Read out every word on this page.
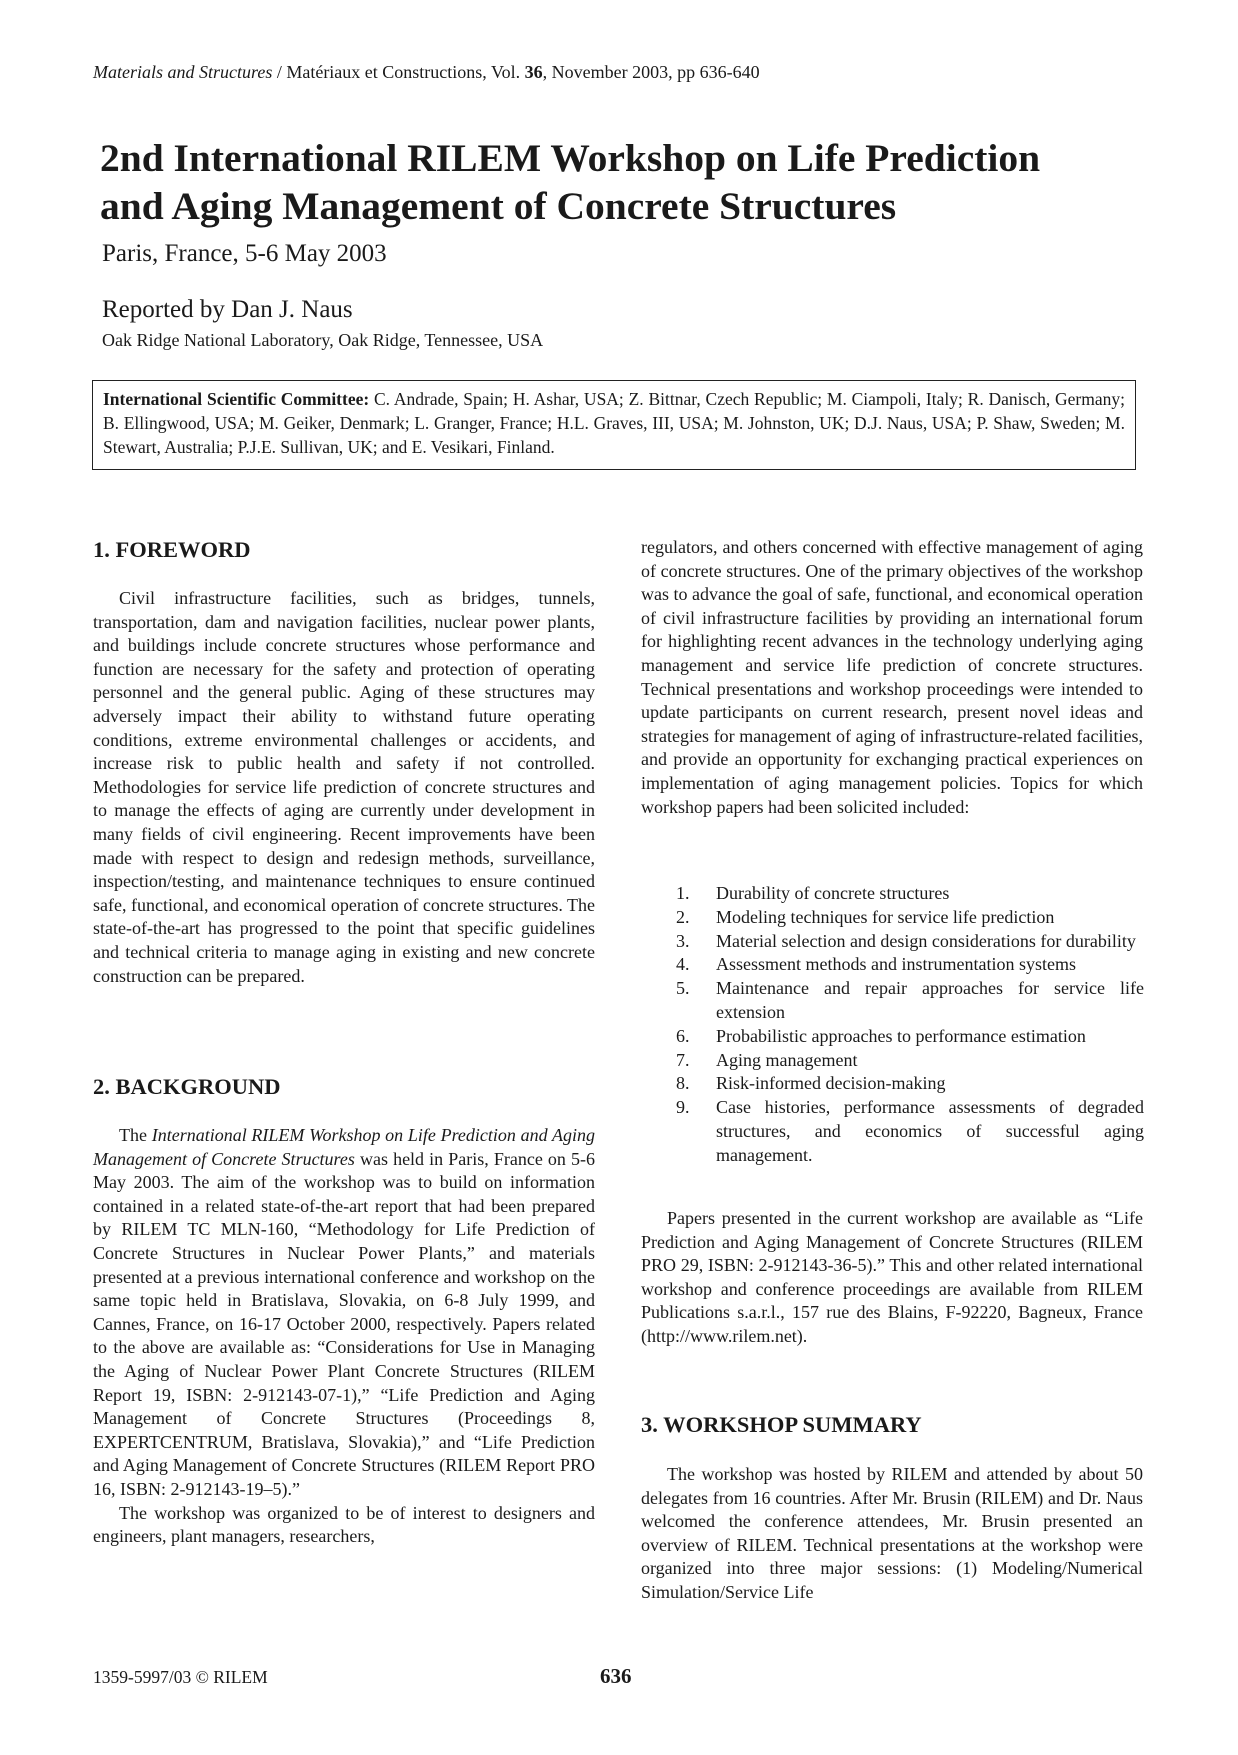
Materials and Structures / Matériaux et Constructions, Vol. 36, November 2003, pp 636-640
2nd International RILEM Workshop on Life Prediction
and Aging Management of Concrete Structures
Paris, France, 5-6 May 2003
Reported by Dan J. Naus
Oak Ridge National Laboratory, Oak Ridge, Tennessee, USA
International Scientific Committee: C. Andrade, Spain; H. Ashar, USA; Z. Bittnar, Czech Republic; M. Ciampoli, Italy; R. Danisch, Germany; B. Ellingwood, USA; M. Geiker, Denmark; L. Granger, France; H.L. Graves, III, USA; M. Johnston, UK; D.J. Naus, USA; P. Shaw, Sweden; M. Stewart, Australia; P.J.E. Sullivan, UK; and E. Vesikari, Finland.
1. FOREWORD

Civil infrastructure facilities, such as bridges, tunnels, transportation, dam and navigation facilities, nuclear power plants, and buildings include concrete structures whose performance and function are necessary for the safety and protection of operating personnel and the general public. Aging of these structures may adversely impact their ability to withstand future operating conditions, extreme environmental challenges or accidents, and increase risk to public health and safety if not controlled. Methodologies for service life prediction of concrete structures and to manage the effects of aging are currently under development in many fields of civil engineering. Recent improvements have been made with respect to design and redesign methods, surveillance, inspection/testing, and maintenance techniques to ensure continued safe, functional, and economical operation of concrete structures. The state-of-the-art has progressed to the point that specific guidelines and technical criteria to manage aging in existing and new concrete construction can be prepared.

2. BACKGROUND

The International RILEM Workshop on Life Prediction and Aging Management of Concrete Structures was held in Paris, France on 5-6 May 2003. The aim of the workshop was to build on information contained in a related state-of-the-art report that had been prepared by RILEM TC MLN-160, “Methodology for Life Prediction of Concrete Structures in Nuclear Power Plants,” and materials presented at a previous international conference and workshop on the same topic held in Bratislava, Slovakia, on 6-8 July 1999, and Cannes, France, on 16-17 October 2000, respectively. Papers related to the above are available as: “Considerations for Use in Managing the Aging of Nuclear Power Plant Concrete Structures (RILEM Report 19, ISBN: 2-912143-07-1),” “Life Prediction and Aging Management of Concrete Structures (Proceedings 8, EXPERTCENTRUM, Bratislava, Slovakia),” and “Life Prediction and Aging Management of Concrete Structures (RILEM Report PRO 16, ISBN: 2-912143-19–5).”

The workshop was organized to be of interest to designers and engineers, plant managers, researchers,

regulators, and others concerned with effective management of aging of concrete structures. One of the primary objectives of the workshop was to advance the goal of safe, functional, and economical operation of civil infrastructure facilities by providing an international forum for highlighting recent advances in the technology underlying aging management and service life prediction of concrete structures. Technical presentations and workshop proceedings were intended to update participants on current research, present novel ideas and strategies for management of aging of infrastructure-related facilities, and provide an opportunity for exchanging practical experiences on implementation of aging management policies. Topics for which workshop papers had been solicited included:

1. Durability of concrete structures
2. Modeling techniques for service life prediction
3. Material selection and design considerations for durability
4. Assessment methods and instrumentation systems
5. Maintenance and repair approaches for service life extension
6. Probabilistic approaches to performance estimation
7. Aging management
8. Risk-informed decision-making
9. Case histories, performance assessments of degraded structures, and economics of successful aging management.

Papers presented in the current workshop are available as “Life Prediction and Aging Management of Concrete Structures (RILEM PRO 29, ISBN: 2-912143-36-5).” This and other related international workshop and conference proceedings are available from RILEM Publications s.a.r.l., 157 rue des Blains, F-92220, Bagneux, France (http://www.rilem.net).

3. WORKSHOP SUMMARY

The workshop was hosted by RILEM and attended by about 50 delegates from 16 countries. After Mr. Brusin (RILEM) and Dr. Naus welcomed the conference attendees, Mr. Brusin presented an overview of RILEM. Technical presentations at the workshop were organized into three major sessions: (1) Modeling/Numerical Simulation/Service Life

1359-5997/03 © RILEM	636
